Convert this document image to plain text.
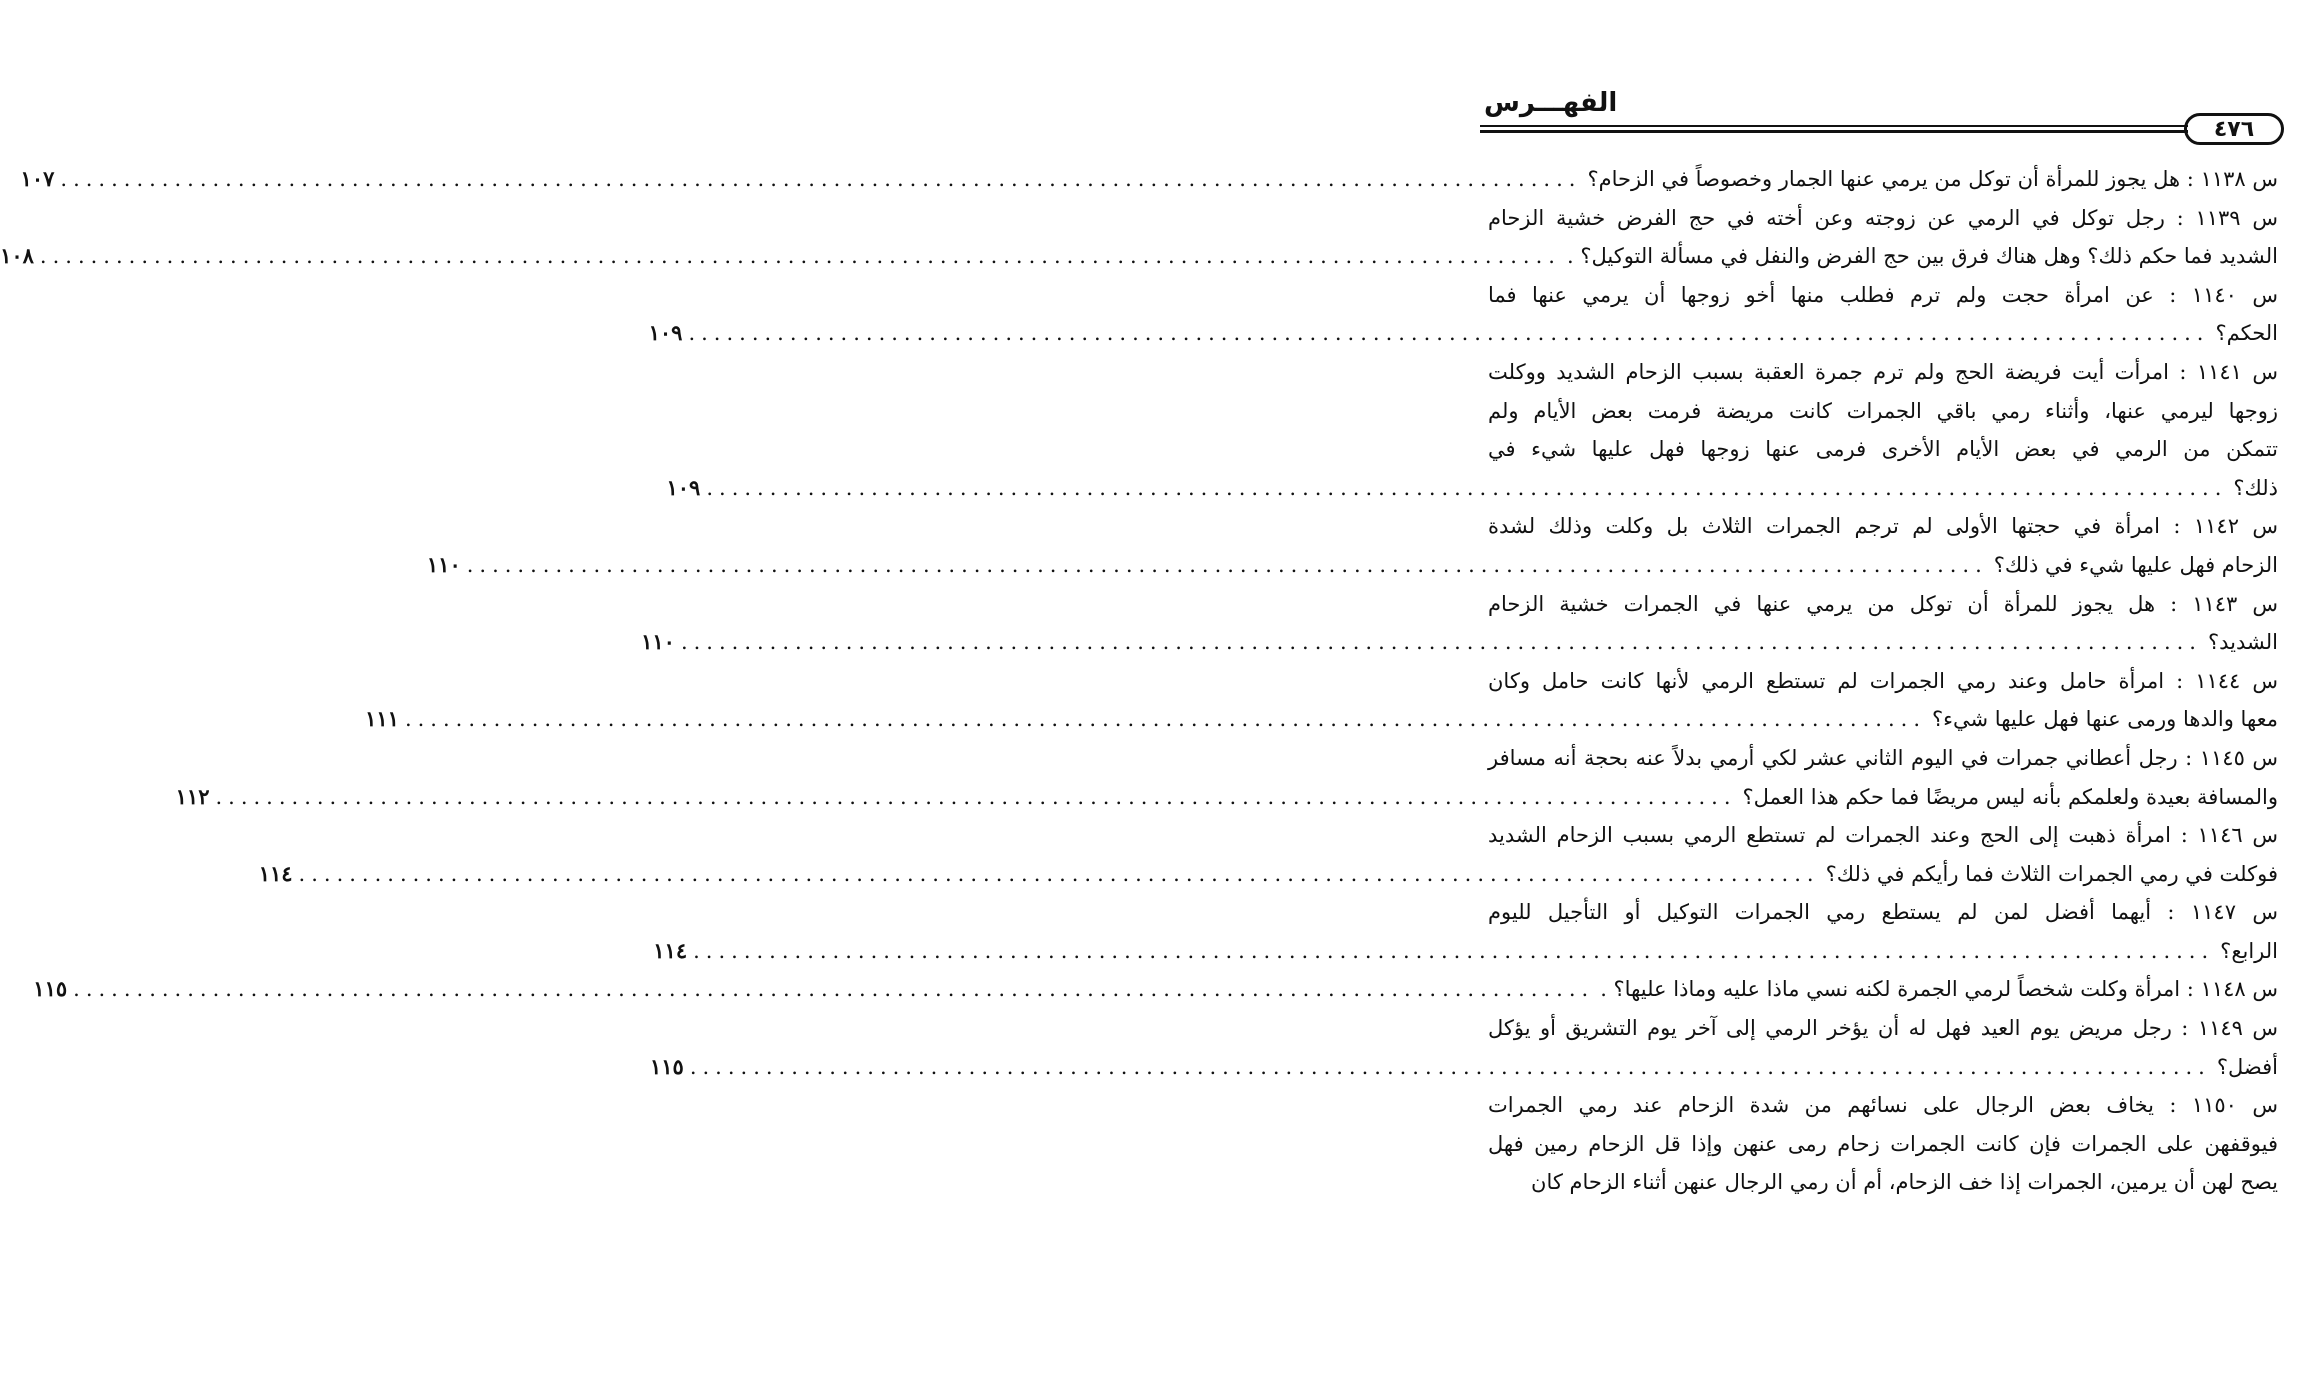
الفهـــرس
٤٧٦
س ١١٣٨ : هل يجوز للمرأة أن توكل من يرمي عنها الجمار وخصوصاً في الزحام؟
........................................................................................................................
١٠٧
س ١١٣٩ : رجل توكل في الرمي عن زوجته وعن أخته في حج الفرض خشية الزحام
الشديد فما حكم ذلك؟ وهل هناك فرق بين حج الفرض والنفل في مسألة التوكيل؟ .
........................................................................................................................
١٠٨
س ١١٤٠ : عن امرأة حجت ولم ترم فطلب منها أخو زوجها أن يرمي عنها فما
الحكم؟
........................................................................................................................
١٠٩
س ١١٤١ : امرأت أيت فريضة الحج ولم ترم جمرة العقبة بسبب الزحام الشديد ووكلت
زوجها ليرمي عنها، وأثناء رمي باقي الجمرات كانت مريضة فرمت بعض الأيام ولم
تتمكن من الرمي في بعض الأيام الأخرى فرمى عنها زوجها فهل عليها شيء في
ذلك؟
........................................................................................................................
١٠٩
س ١١٤٢ : امرأة في حجتها الأولى لم ترجم الجمرات الثلاث بل وكلت وذلك لشدة
الزحام فهل عليها شيء في ذلك؟
........................................................................................................................
١١٠
س ١١٤٣ : هل يجوز للمرأة أن توكل من يرمي عنها في الجمرات خشية الزحام
الشديد؟
........................................................................................................................
١١٠
س ١١٤٤ : امرأة حامل وعند رمي الجمرات لم تستطع الرمي لأنها كانت حامل وكان
معها والدها ورمى عنها فهل عليها شيء؟
........................................................................................................................
١١١
س ١١٤٥ : رجل أعطاني جمرات في اليوم الثاني عشر لكي أرمي بدلاً عنه بحجة أنه مسافر
والمسافة بعيدة ولعلمكم بأنه ليس مريضًا فما حكم هذا العمل؟
........................................................................................................................
١١٢
س ١١٤٦ : امرأة ذهبت إلى الحج وعند الجمرات لم تستطع الرمي بسبب الزحام الشديد
فوكلت في رمي الجمرات الثلاث فما رأيكم في ذلك؟
........................................................................................................................
١١٤
س ١١٤٧ : أيهما أفضل لمن لم يستطع رمي الجمرات التوكيل أو التأجيل لليوم
الرابع؟
........................................................................................................................
١١٤
س ١١٤٨ : امرأة وكلت شخصاً لرمي الجمرة لكنه نسي ماذا عليه وماذا عليها؟ .
........................................................................................................................
١١٥
س ١١٤٩ : رجل مريض يوم العيد فهل له أن يؤخر الرمي إلى آخر يوم التشريق أو يؤكل
أفضل؟
........................................................................................................................
١١٥
س ١١٥٠ : يخاف بعض الرجال على نسائهم من شدة الزحام عند رمي الجمرات
فيوقفهن على الجمرات فإن كانت الجمرات زحام رمى عنهن وإذا قل الزحام رمين فهل
يصح لهن أن يرمين، الجمرات إذا خف الزحام، أم أن رمي الرجال عنهن أثناء الزحام كان
